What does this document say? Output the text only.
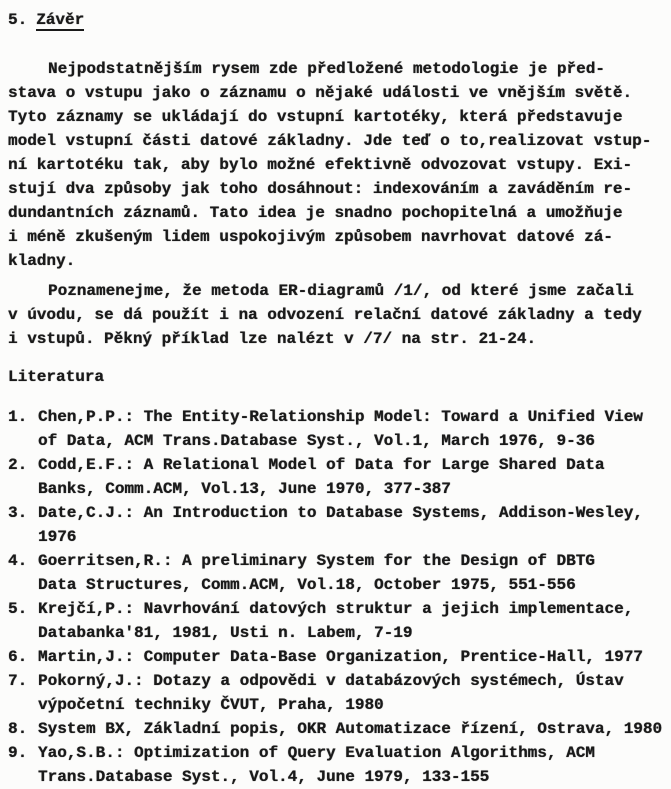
5. Závěr
Nejpodstatnějším rysem zde předložené metodologie je před-
stava o vstupu jako o záznamu o nějaké události ve vnějším světě.
Tyto záznamy se ukládají do vstupní kartotéky, která představuje
model vstupní části datové základny. Jde teď o to,realizovat vstup-
ní kartotéku tak, aby bylo možné efektivně odvozovat vstupy. Exi-
stují dva způsoby jak toho dosáhnout: indexováním a zaváděním re-
dundantních záznamů. Tato idea je snadno pochopitelná a umožňuje
i méně zkušeným lidem uspokojivým způsobem navrhovat datové zá-
kladny.
Poznamenejme, že metoda ER-diagramů /1/, od které jsme začali
v úvodu, se dá použít i na odvození relační datové základny a tedy
i vstupů. Pěkný příklad lze nalézt v /7/ na str. 21-24.
Literatura
1. Chen,P.P.: The Entity-Relationship Model: Toward a Unified View
of Data, ACM Trans.Database Syst., Vol.1, March 1976, 9-36
2. Codd,E.F.: A Relational Model of Data for Large Shared Data
Banks, Comm.ACM, Vol.13, June 1970, 377-387
3. Date,C.J.: An Introduction to Database Systems, Addison-Wesley,
1976
4. Goerritsen,R.: A preliminary System for the Design of DBTG
Data Structures, Comm.ACM, Vol.18, October 1975, 551-556
5. Krejčí,P.: Navrhování datových struktur a jejich implementace,
Databanka'81, 1981, Usti n. Labem, 7-19
6. Martin,J.: Computer Data-Base Organization, Prentice-Hall, 1977
7. Pokorný,J.: Dotazy a odpovědi v databázových systémech, Ústav
výpočetní techniky ČVUT, Praha, 1980
8. System BX, Základní popis, OKR Automatizace řízení, Ostrava, 1980
9. Yao,S.B.: Optimization of Query Evaluation Algorithms, ACM
Trans.Database Syst., Vol.4, June 1979, 133-155
